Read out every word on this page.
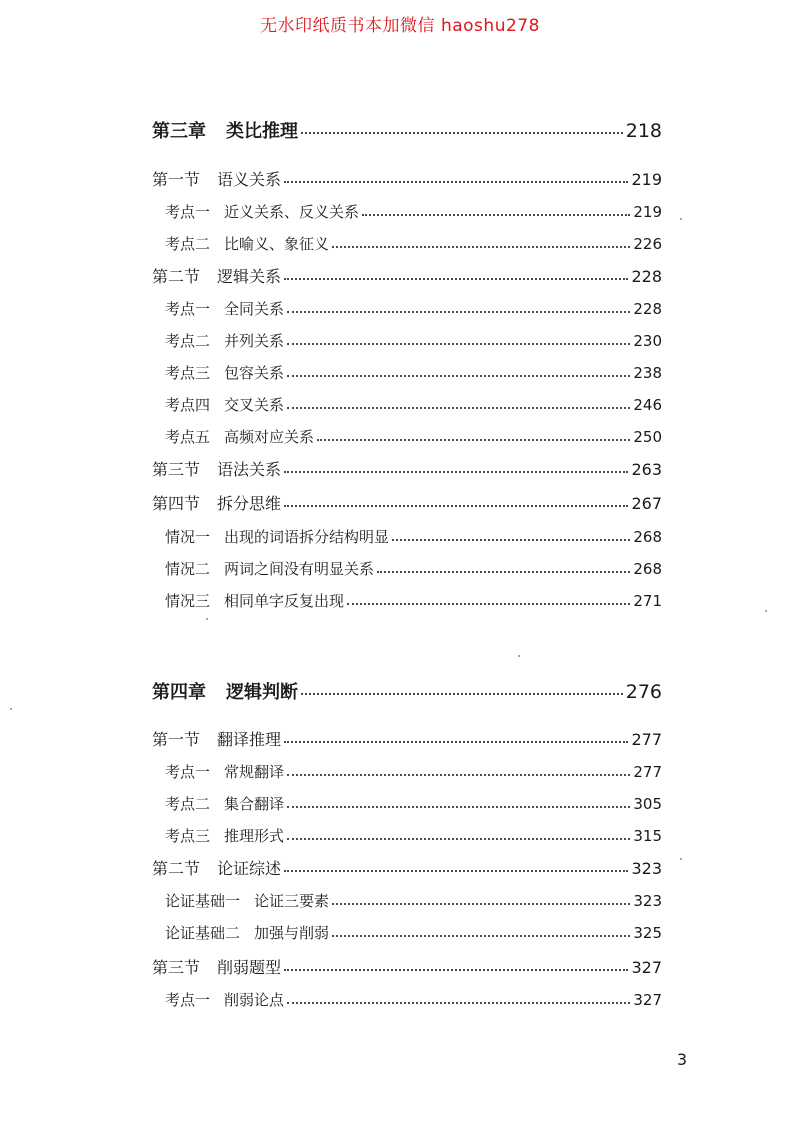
无水印纸质书本加微信 haoshu278
第三章 类比推理	218
第一节 语义关系	219
考点一 近义关系、反义关系	219
考点二 比喻义、象征义	226
第二节 逻辑关系	228
考点一 全同关系	228
考点二 并列关系	230
考点三 包容关系	238
考点四 交叉关系	246
考点五 高频对应关系	250
第三节 语法关系	263
第四节 拆分思维	267
情况一 出现的词语拆分结构明显	268
情况二 两词之间没有明显关系	268
情况三 相同单字反复出现	271
第四章 逻辑判断	276
第一节 翻译推理	277
考点一 常规翻译	277
考点二 集合翻译	305
考点三 推理形式	315
第二节 论证综述	323
论证基础一 论证三要素	323
论证基础二 加强与削弱	325
第三节 削弱题型	327
考点一 削弱论点	327
3
